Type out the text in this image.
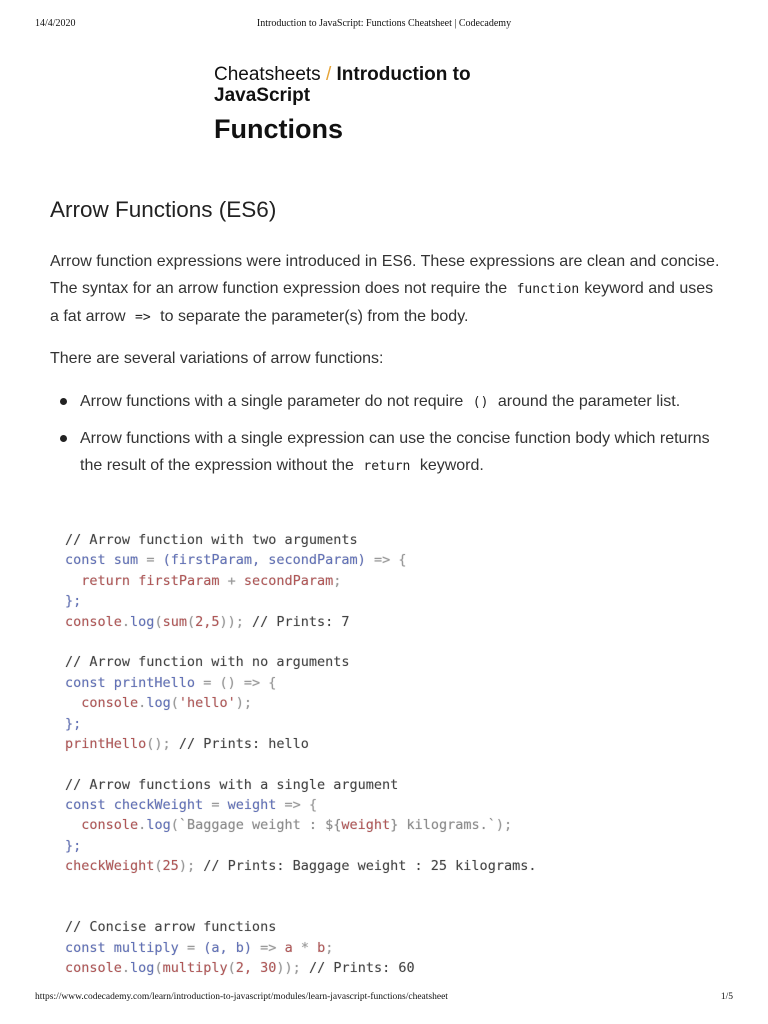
14/4/2020	Introduction to JavaScript: Functions Cheatsheet | Codecademy
Cheatsheets / Introduction to JavaScript
Functions
Arrow Functions (ES6)

Arrow function expressions were introduced in ES6. These expressions are clean and concise. The syntax for an arrow function expression does not require the function keyword and uses a fat arrow => to separate the parameter(s) from the body.

There are several variations of arrow functions:

Arrow functions with a single parameter do not require () around the parameter list.
Arrow functions with a single expression can use the concise function body which returns the result of the expression without the return keyword.
// Arrow function with two arguments
const sum = (firstParam, secondParam) => {
return firstParam + secondParam;
};
console.log(sum(2,5)); // Prints: 7
// Arrow function with no arguments
const printHello = () => {
console.log('hello');
};
printHello(); // Prints: hello
// Arrow functions with a single argument
const checkWeight = weight => {
console.log(`Baggage weight : ${weight} kilograms.`);
};
checkWeight(25); // Prints: Baggage weight : 25 kilograms.
// Concise arrow functions
const multiply = (a, b) => a * b;
console.log(multiply(2, 30)); // Prints: 60
https://www.codecademy.com/learn/introduction-to-javascript/modules/learn-javascript-functions/cheatsheet	1/5
